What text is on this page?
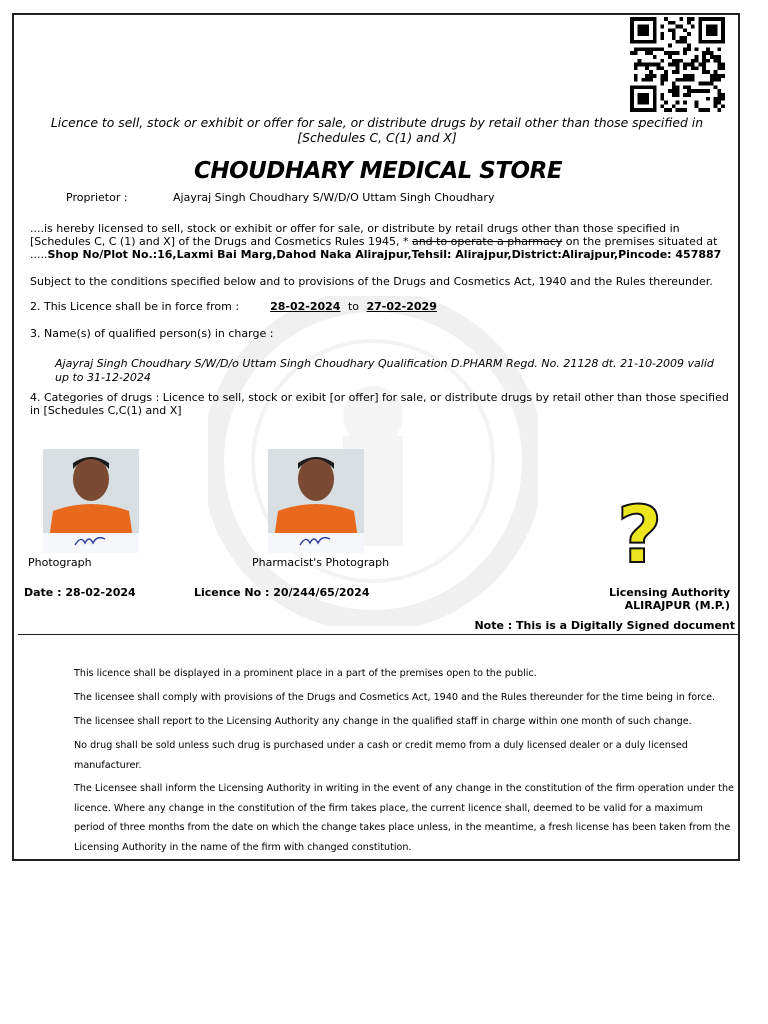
Licence to sell, stock or exhibit or offer for sale, or distribute drugs by retail other than those specified in [Schedules C, C(1) and X]
CHOUDHARY MEDICAL STORE
Proprietor :	Ajayraj Singh Choudhary S/W/D/O Uttam Singh Choudhary
....is hereby licensed to sell, stock or exhibit or offer for sale, or distribute by retail drugs other than those specified in [Schedules C, C (1) and X] of the Drugs and Cosmetics Rules 1945, * and to operate a pharmacy on the premises situated at .....Shop No/Plot No.:16,Laxmi Bai Marg,Dahod Naka Alirajpur,Tehsil: Alirajpur,District:Alirajpur,Pincode: 457887
Subject to the conditions specified below and to provisions of the Drugs and Cosmetics Act, 1940 and the Rules thereunder.
2. This Licence shall be in force from :	28-02-2024 to 27-02-2029
3. Name(s) of qualified person(s) in charge :
Ajayraj Singh Choudhary S/W/D/o Uttam Singh Choudhary Qualification D.PHARM Regd. No. 21128 dt. 21-10-2009 valid up to 31-12-2024
4. Categories of drugs : Licence to sell, stock or exibit [or offer] for sale, or distribute drugs by retail other than those specified in [Schedules C,C(1) and X]
Photograph	Pharmacist's Photograph	?
Date : 28-02-2024	Licence No : 20/244/65/2024	Licensing Authority
ALIRAJPUR (M.P.)
Note : This is a Digitally Signed document
This licence shall be displayed in a prominent place in a part of the premises open to the public.
The licensee shall comply with provisions of the Drugs and Cosmetics Act, 1940 and the Rules thereunder for the time being in force.
The licensee shall report to the Licensing Authority any change in the qualified staff in charge within one month of such change.
No drug shall be sold unless such drug is purchased under a cash or credit memo from a duly licensed dealer or a duly licensed manufacturer.
The Licensee shall inform the Licensing Authority in writing in the event of any change in the constitution of the firm operation under the licence. Where any change in the constitution of the firm takes place, the current licence shall, deemed to be valid for a maximum period of three months from the date on which the change takes place unless, in the meantime, a fresh license has been taken from the Licensing Authority in the name of the firm with changed constitution.
